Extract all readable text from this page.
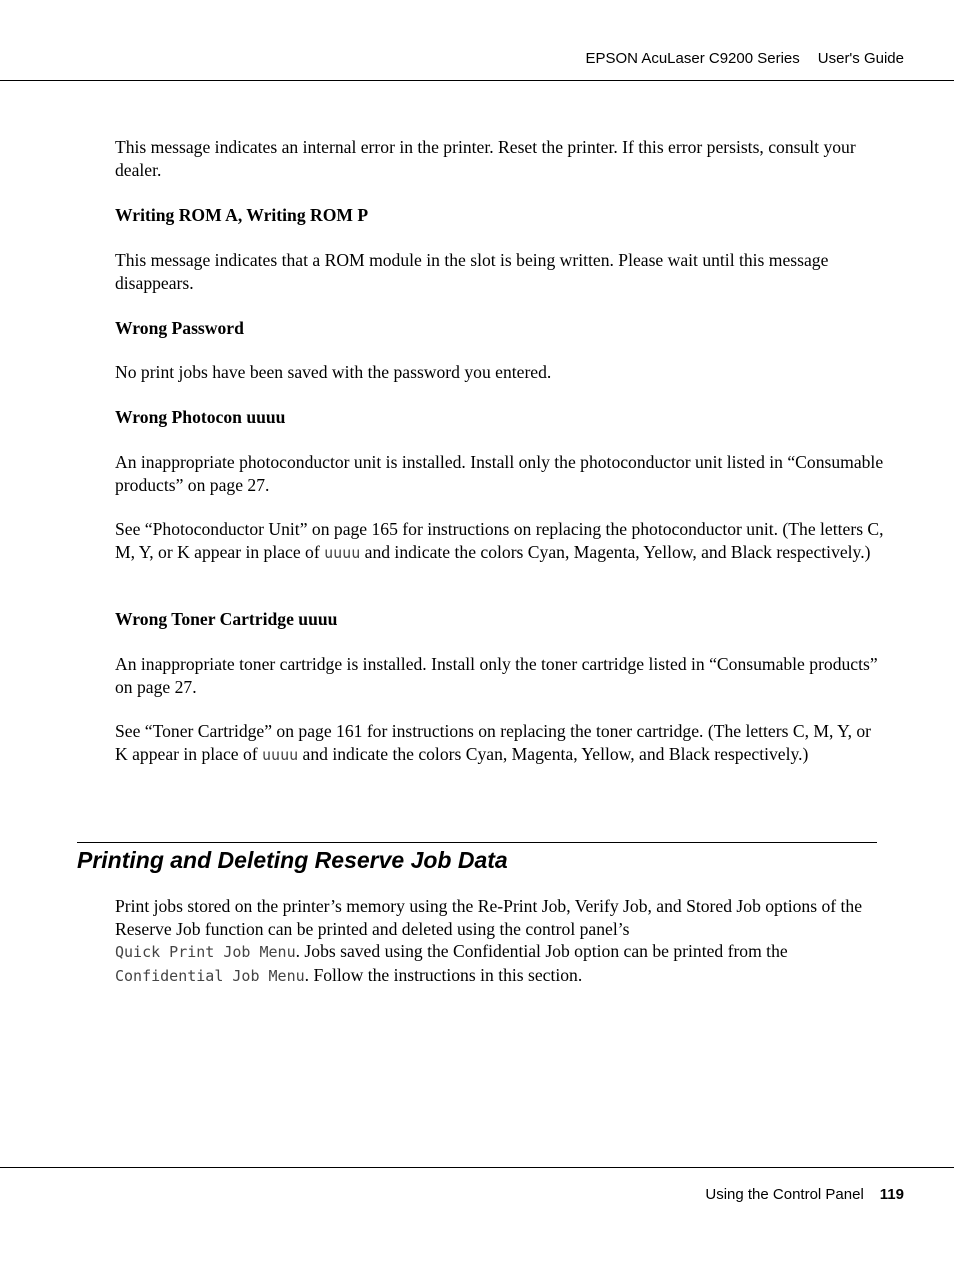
EPSON AcuLaser C9200 Series User's Guide

This message indicates an internal error in the printer. Reset the printer. If this error persists, consult your dealer.

Writing ROM A, Writing ROM P

This message indicates that a ROM module in the slot is being written. Please wait until this message disappears.

Wrong Password

No print jobs have been saved with the password you entered.

Wrong Photocon uuuu

An inappropriate photoconductor unit is installed. Install only the photoconductor unit listed in “Consumable products” on page 27.

See “Photoconductor Unit” on page 165 for instructions on replacing the photoconductor unit. (The letters C, M, Y, or K appear in place of uuuu and indicate the colors Cyan, Magenta, Yellow, and Black respectively.)

Wrong Toner Cartridge uuuu

An inappropriate toner cartridge is installed. Install only the toner cartridge listed in “Consumable products” on page 27.

See “Toner Cartridge” on page 161 for instructions on replacing the toner cartridge. (The letters C, M, Y, or K appear in place of uuuu and indicate the colors Cyan, Magenta, Yellow, and Black respectively.)

Printing and Deleting Reserve Job Data

Print jobs stored on the printer’s memory using the Re-Print Job, Verify Job, and Stored Job options of the Reserve Job function can be printed and deleted using the control panel’s
Quick Print Job Menu. Jobs saved using the Confidential Job option can be printed from the
Confidential Job Menu. Follow the instructions in this section.

Using the Control Panel 119
